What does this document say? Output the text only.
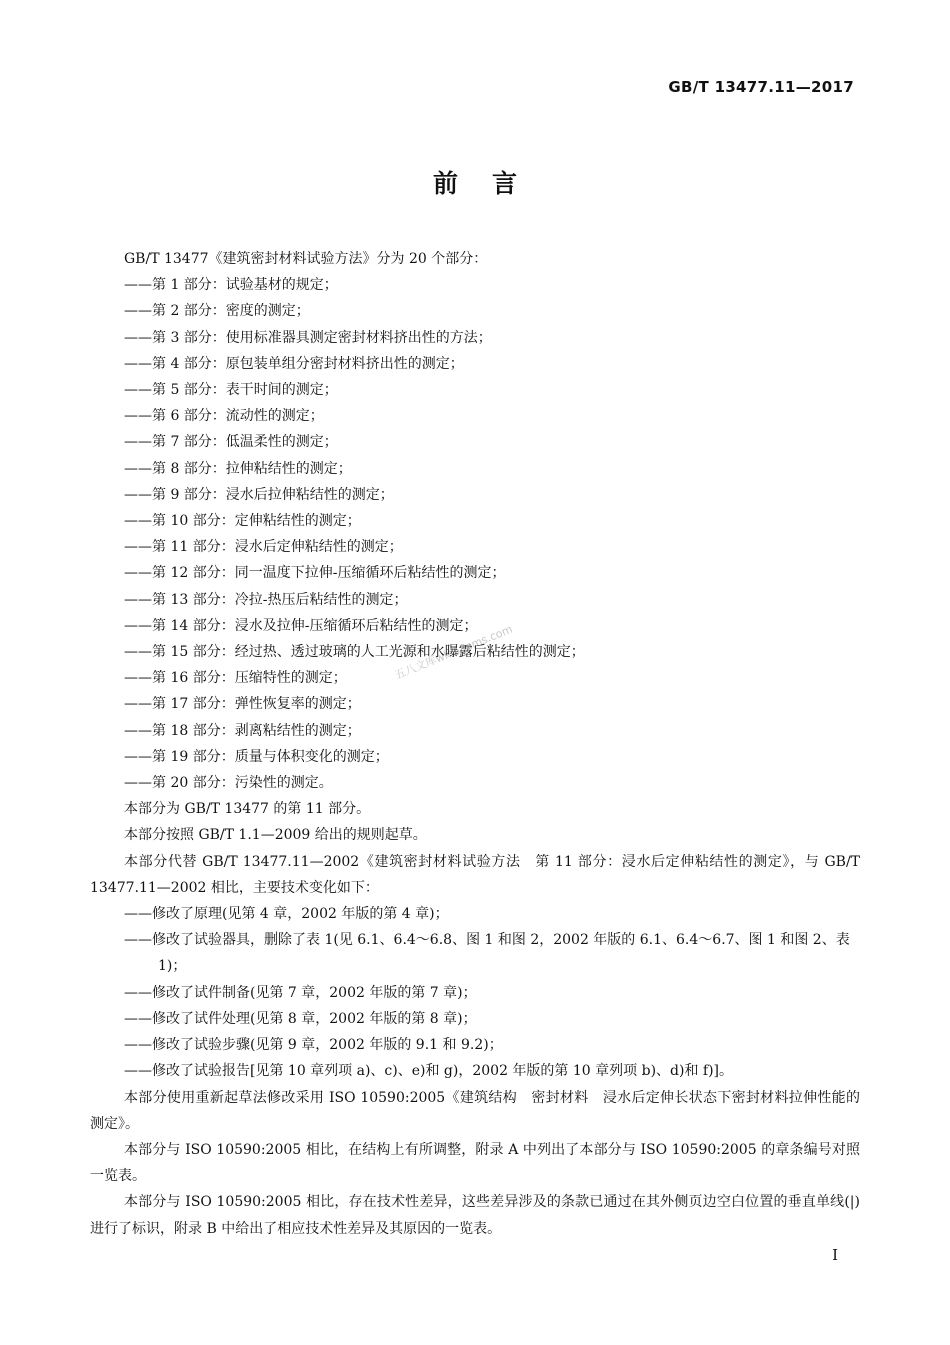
GB/T 13477.11—2017
前言
五八文库wk.58sms.com

GB/T 13477《建筑密封材料试验方法》分为 20 个部分：

——第 1 部分：试验基材的规定；

——第 2 部分：密度的测定；

——第 3 部分：使用标准器具测定密封材料挤出性的方法；

——第 4 部分：原包装单组分密封材料挤出性的测定；

——第 5 部分：表干时间的测定；

——第 6 部分：流动性的测定；

——第 7 部分：低温柔性的测定；

——第 8 部分：拉伸粘结性的测定；

——第 9 部分：浸水后拉伸粘结性的测定；

——第 10 部分：定伸粘结性的测定；

——第 11 部分：浸水后定伸粘结性的测定；

——第 12 部分：同一温度下拉伸-压缩循环后粘结性的测定；

——第 13 部分：冷拉-热压后粘结性的测定；

——第 14 部分：浸水及拉伸-压缩循环后粘结性的测定；

——第 15 部分：经过热、透过玻璃的人工光源和水曝露后粘结性的测定；

——第 16 部分：压缩特性的测定；

——第 17 部分：弹性恢复率的测定；

——第 18 部分：剥离粘结性的测定；

——第 19 部分：质量与体积变化的测定；

——第 20 部分：污染性的测定。

本部分为 GB/T 13477 的第 11 部分。

本部分按照 GB/T 1.1—2009 给出的规则起草。

本部分代替 GB/T 13477.11—2002《建筑密封材料试验方法　第 11 部分：浸水后定伸粘结性的测定》，与 GB/T 13477.11—2002 相比，主要技术变化如下：

——修改了原理(见第 4 章，2002 年版的第 4 章)；

——修改了试验器具，删除了表 1(见 6.1、6.4～6.8、图 1 和图 2，2002 年版的 6.1、6.4～6.7、图 1 和图 2、表 1)；

——修改了试件制备(见第 7 章，2002 年版的第 7 章)；

——修改了试件处理(见第 8 章，2002 年版的第 8 章)；

——修改了试验步骤(见第 9 章，2002 年版的 9.1 和 9.2)；

——修改了试验报告[见第 10 章列项 a)、c)、e)和 g)，2002 年版的第 10 章列项 b)、d)和 f)]。

本部分使用重新起草法修改采用 ISO 10590:2005《建筑结构　密封材料　浸水后定伸长状态下密封材料拉伸性能的测定》。

本部分与 ISO 10590:2005 相比，在结构上有所调整，附录 A 中列出了本部分与 ISO 10590:2005 的章条编号对照一览表。

本部分与 ISO 10590:2005 相比，存在技术性差异，这些差异涉及的条款已通过在其外侧页边空白位置的垂直单线(|)进行了标识，附录 B 中给出了相应技术性差异及其原因的一览表。

I
